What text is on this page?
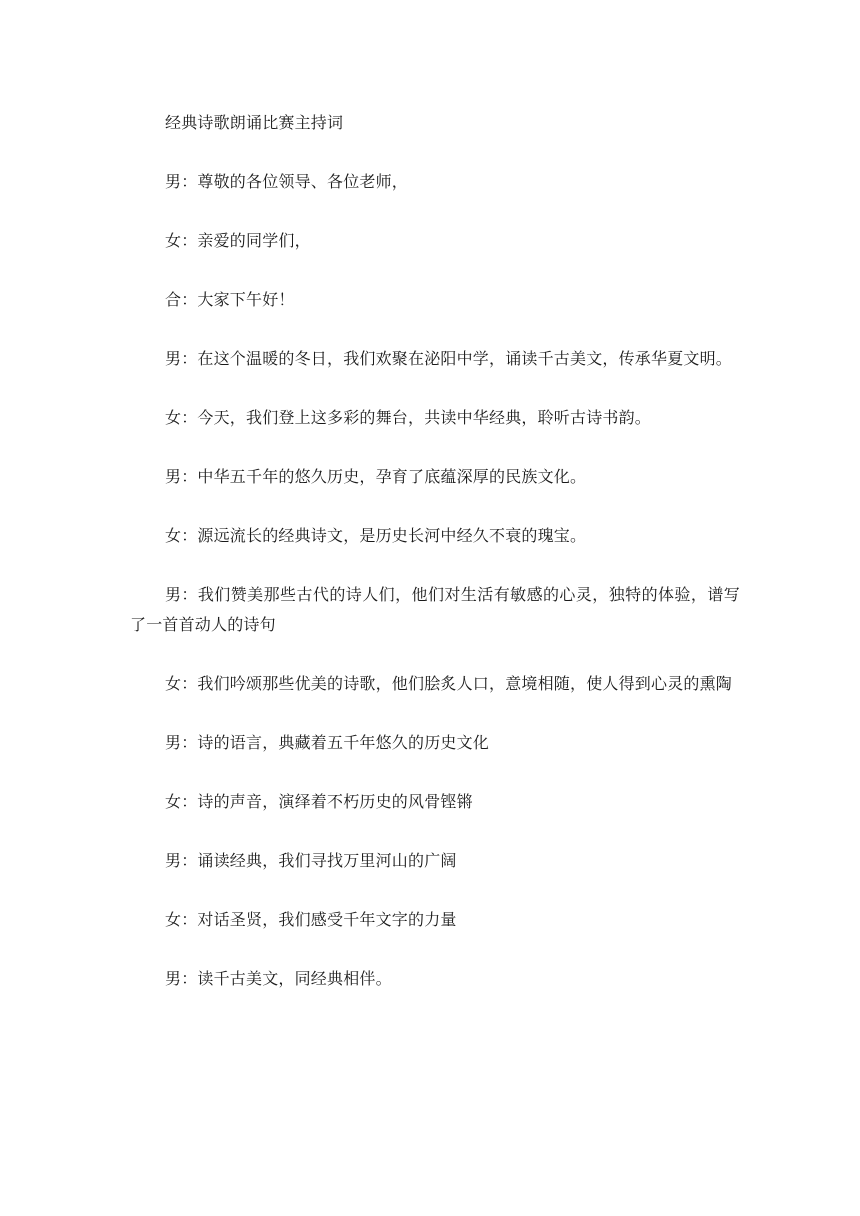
经典诗歌朗诵比赛主持词

男：尊敬的各位领导、各位老师，

女：亲爱的同学们，

合：大家下午好！

男：在这个温暖的冬日，我们欢聚在泌阳中学，诵读千古美文，传承华夏文明。

女：今天，我们登上这多彩的舞台，共读中华经典，聆听古诗书韵。

男：中华五千年的悠久历史，孕育了底蕴深厚的民族文化。

女：源远流长的经典诗文，是历史长河中经久不衰的瑰宝。

男：我们赞美那些古代的诗人们，他们对生活有敏感的心灵，独特的体验，谱写了一首首动人的诗句

女：我们吟颂那些优美的诗歌，他们脍炙人口，意境相随，使人得到心灵的熏陶

男：诗的语言，典藏着五千年悠久的历史文化

女：诗的声音，演绎着不朽历史的风骨铿锵

男：诵读经典，我们寻找万里河山的广阔

女：对话圣贤，我们感受千年文字的力量

男：读千古美文，同经典相伴。
